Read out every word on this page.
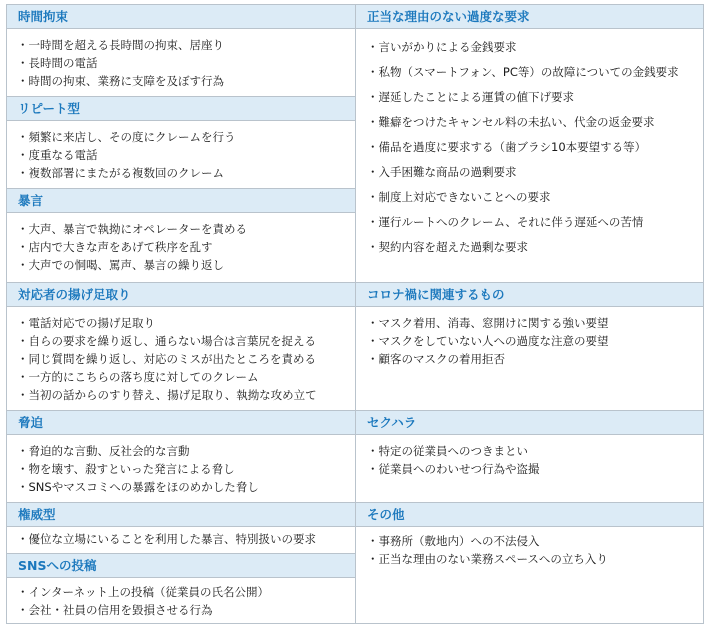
時間拘束
・一時間を超える長時間の拘束、居座り
・長時間の電話
・時間の拘束、業務に支障を及ぼす行為
リピート型
・頻繁に来店し、その度にクレームを行う
・度重なる電話
・複数部署にまたがる複数回のクレーム
暴言
・大声、暴言で執拗にオペレーターを責める
・店内で大きな声をあげて秩序を乱す
・大声での恫喝、罵声、暴言の繰り返し
対応者の揚げ足取り
・電話対応での揚げ足取り
・自らの要求を繰り返し、通らない場合は言葉尻を捉える
・同じ質問を繰り返し、対応のミスが出たところを責める
・一方的にこちらの落ち度に対してのクレーム
・当初の話からのすり替え、揚げ足取り、執拗な攻め立て
脅迫
・脅迫的な言動、反社会的な言動
・物を壊す、殺すといった発言による脅し
・SNSやマスコミへの暴露をほのめかした脅し
権威型
・優位な立場にいることを利用した暴言、特別扱いの要求
SNSへの投稿
・インターネット上の投稿（従業員の氏名公開）
・会社・社員の信用を毀損させる行為
正当な理由のない過度な要求
・言いがかりによる金銭要求
・私物（スマートフォン、PC等）の故障についての金銭要求
・遅延したことによる運賃の値下げ要求
・難癖をつけたキャンセル料の未払い、代金の返金要求
・備品を過度に要求する（歯ブラシ10本要望する等）
・入手困難な商品の過剰要求
・制度上対応できないことへの要求
・運行ルートへのクレーム、それに伴う遅延への苦情
・契約内容を超えた過剰な要求
コロナ禍に関連するもの
・マスク着用、消毒、窓開けに関する強い要望
・マスクをしていない人への過度な注意の要望
・顧客のマスクの着用拒否
セクハラ
・特定の従業員へのつきまとい
・従業員へのわいせつ行為や盗撮
その他
・事務所（敷地内）への不法侵入
・正当な理由のない業務スペースへの立ち入り
